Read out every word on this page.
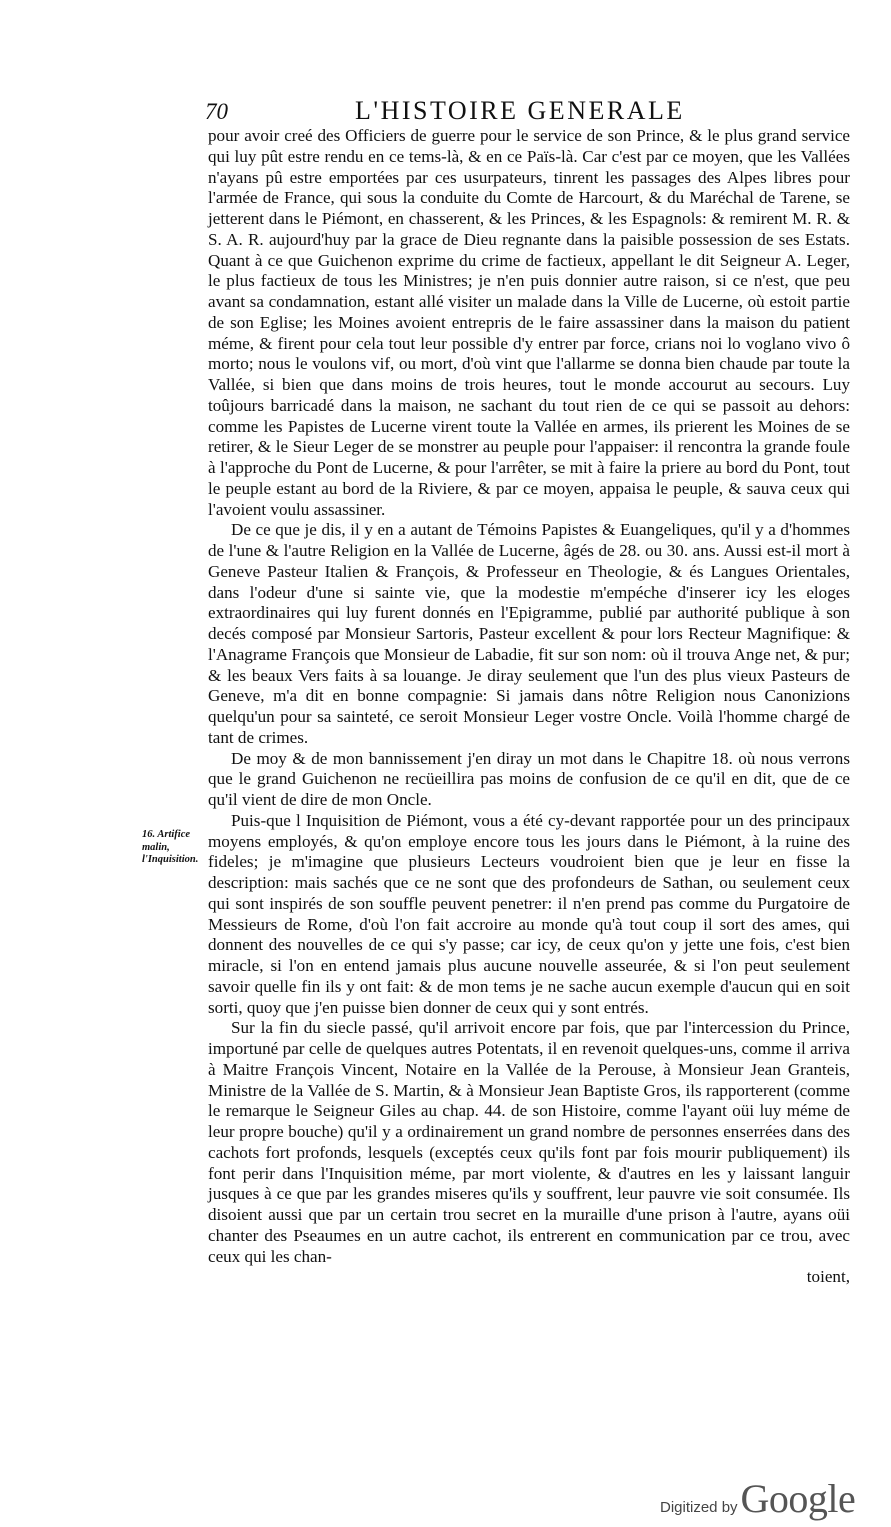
70	L'HISTOIRE GENERALE
16. Artifice malin, l'Inquisition.

pour avoir creé des Officiers de guerre pour le service de son Prince, & le plus grand service qui luy pût estre rendu en ce tems-là, & en ce Païs-là. Car c'est par ce moyen, que les Vallées n'ayans pû estre emportées par ces usurpateurs, tinrent les passages des Alpes libres pour l'armée de France, qui sous la conduite du Comte de Harcourt, & du Maréchal de Tarene, se jetterent dans le Piémont, en chasserent, & les Princes, & les Espagnols: & remirent M. R. & S. A. R. aujourd'huy par la grace de Dieu regnante dans la paisible possession de ses Estats. Quant à ce que Guichenon exprime du crime de factieux, appellant le dit Seigneur A. Leger, le plus factieux de tous les Ministres; je n'en puis donnier autre raison, si ce n'est, que peu avant sa condamnation, estant allé visiter un malade dans la Ville de Lucerne, où estoit partie de son Eglise; les Moines avoient entrepris de le faire assassiner dans la maison du patient méme, & firent pour cela tout leur possible d'y entrer par force, crians noi lo voglano vivo ô morto; nous le voulons vif, ou mort, d'où vint que l'allarme se donna bien chaude par toute la Vallée, si bien que dans moins de trois heures, tout le monde accourut au secours. Luy toûjours barricadé dans la maison, ne sachant du tout rien de ce qui se passoit au dehors: comme les Papistes de Lucerne virent toute la Vallée en armes, ils prierent les Moines de se retirer, & le Sieur Leger de se monstrer au peuple pour l'appaiser: il rencontra la grande foule à l'approche du Pont de Lucerne, & pour l'arrêter, se mit à faire la priere au bord du Pont, tout le peuple estant au bord de la Riviere, & par ce moyen, appaisa le peuple, & sauva ceux qui l'avoient voulu assassiner.

De ce que je dis, il y en a autant de Témoins Papistes & Euangeliques, qu'il y a d'hommes de l'une & l'autre Religion en la Vallée de Lucerne, âgés de 28. ou 30. ans. Aussi est-il mort à Geneve Pasteur Italien & François, & Professeur en Theologie, & és Langues Orientales, dans l'odeur d'une si sainte vie, que la modestie m'empéche d'inserer icy les eloges extraordinaires qui luy furent donnés en l'Epigramme, publié par authorité publique à son decés composé par Monsieur Sartoris, Pasteur excellent & pour lors Recteur Magnifique: & l'Anagrame François que Monsieur de Labadie, fit sur son nom: où il trouva Ange net, & pur; & les beaux Vers faits à sa louange. Je diray seulement que l'un des plus vieux Pasteurs de Geneve, m'a dit en bonne compagnie: Si jamais dans nôtre Religion nous Canonizions quelqu'un pour sa sainteté, ce seroit Monsieur Leger vostre Oncle. Voilà l'homme chargé de tant de crimes.

De moy & de mon bannissement j'en diray un mot dans le Chapitre 18. où nous verrons que le grand Guichenon ne recüeillira pas moins de confusion de ce qu'il en dit, que de ce qu'il vient de dire de mon Oncle.

Puis-que l Inquisition de Piémont, vous a été cy-devant rapportée pour un des principaux moyens employés, & qu'on employe encore tous les jours dans le Piémont, à la ruine des fideles; je m'imagine que plusieurs Lecteurs voudroient bien que je leur en fisse la description: mais sachés que ce ne sont que des profondeurs de Sathan, ou seulement ceux qui sont inspirés de son souffle peuvent penetrer: il n'en prend pas comme du Purgatoire de Messieurs de Rome, d'où l'on fait accroire au monde qu'à tout coup il sort des ames, qui donnent des nouvelles de ce qui s'y passe; car icy, de ceux qu'on y jette une fois, c'est bien miracle, si l'on en entend jamais plus aucune nouvelle asseurée, & si l'on peut seulement savoir quelle fin ils y ont fait: & de mon tems je ne sache aucun exemple d'aucun qui en soit sorti, quoy que j'en puisse bien donner de ceux qui y sont entrés.

Sur la fin du siecle passé, qu'il arrivoit encore par fois, que par l'intercession du Prince, importuné par celle de quelques autres Potentats, il en revenoit quelques-uns, comme il arriva à Maitre François Vincent, Notaire en la Vallée de la Perouse, à Monsieur Jean Granteis, Ministre de la Vallée de S. Martin, & à Monsieur Jean Baptiste Gros, ils rapporterent (comme le remarque le Seigneur Giles au chap. 44. de son Histoire, comme l'ayant oüi luy méme de leur propre bouche) qu'il y a ordinairement un grand nombre de personnes enserrées dans des cachots fort profonds, lesquels (exceptés ceux qu'ils font par fois mourir publiquement) ils font perir dans l'Inquisition méme, par mort violente, & d'autres en les y laissant languir jusques à ce que par les grandes miseres qu'ils y souffrent, leur pauvre vie soit consumée. Ils disoient aussi que par un certain trou secret en la muraille d'une prison à l'autre, ayans oüi chanter des Pseaumes en un autre cachot, ils entrerent en communication par ce trou, avec ceux qui les chan-

toient,

Digitized by Google
